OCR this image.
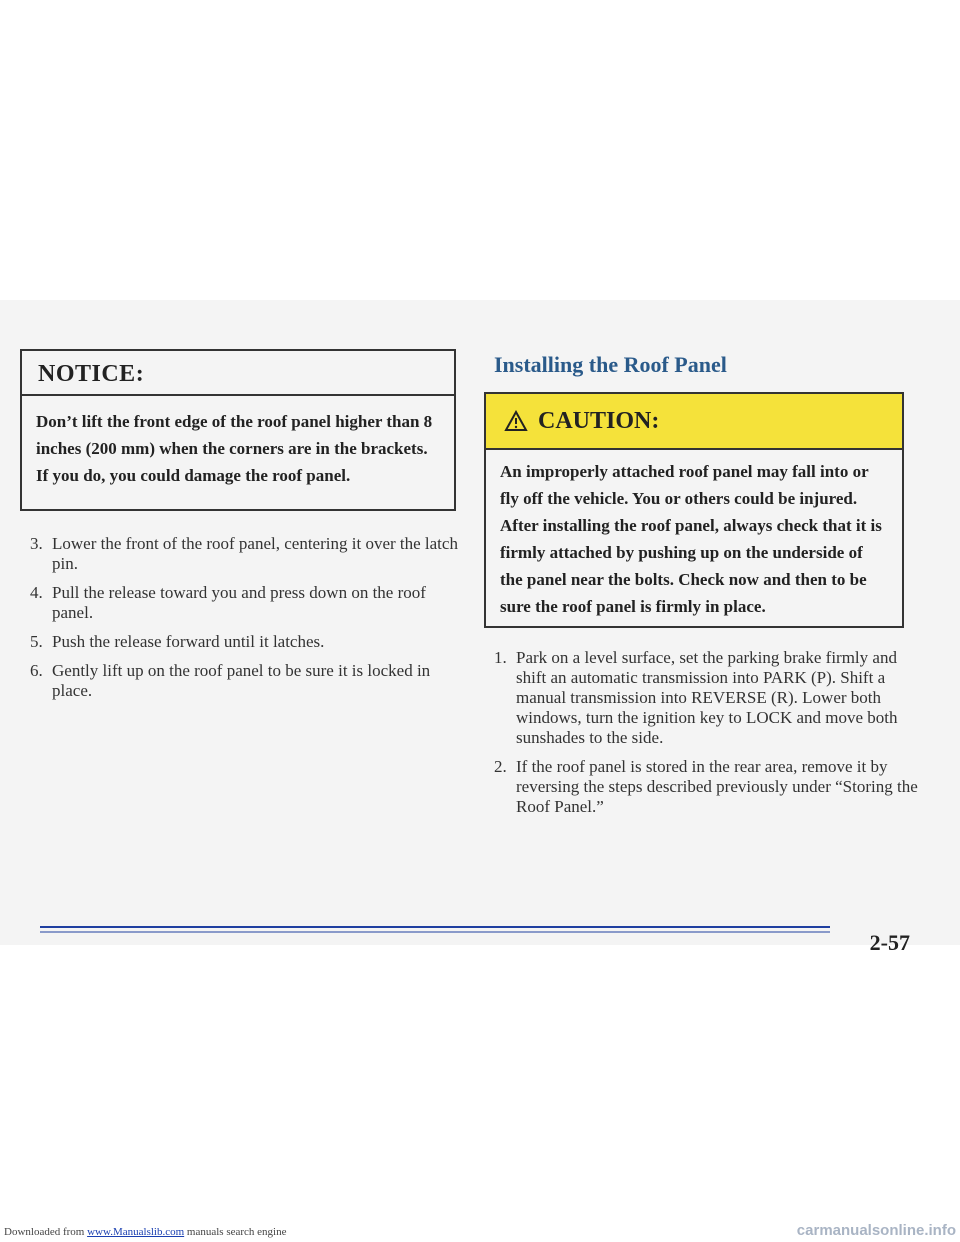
NOTICE:
Don’t lift the front edge of the roof panel higher than 8 inches (200 mm) when the corners are in the brackets. If you do, you could damage the roof panel.
3. Lower the front of the roof panel, centering it over the latch pin.
4. Pull the release toward you and press down on the roof panel.
5. Push the release forward until it latches.
6. Gently lift up on the roof panel to be sure it is locked in place.
Installing the Roof Panel
CAUTION:
An improperly attached roof panel may fall into or fly off the vehicle. You or others could be injured. After installing the roof panel, always check that it is firmly attached by pushing up on the underside of the panel near the bolts. Check now and then to be sure the roof panel is firmly in place.
1. Park on a level surface, set the parking brake firmly and shift an automatic transmission into PARK (P). Shift a manual transmission into REVERSE (R). Lower both windows, turn the ignition key to LOCK and move both sunshades to the side.
2. If the roof panel is stored in the rear area, remove it by reversing the steps described previously under “Storing the Roof Panel.”
2-57
Downloaded from www.Manualslib.com manuals search engine	carmanualsonline.info
